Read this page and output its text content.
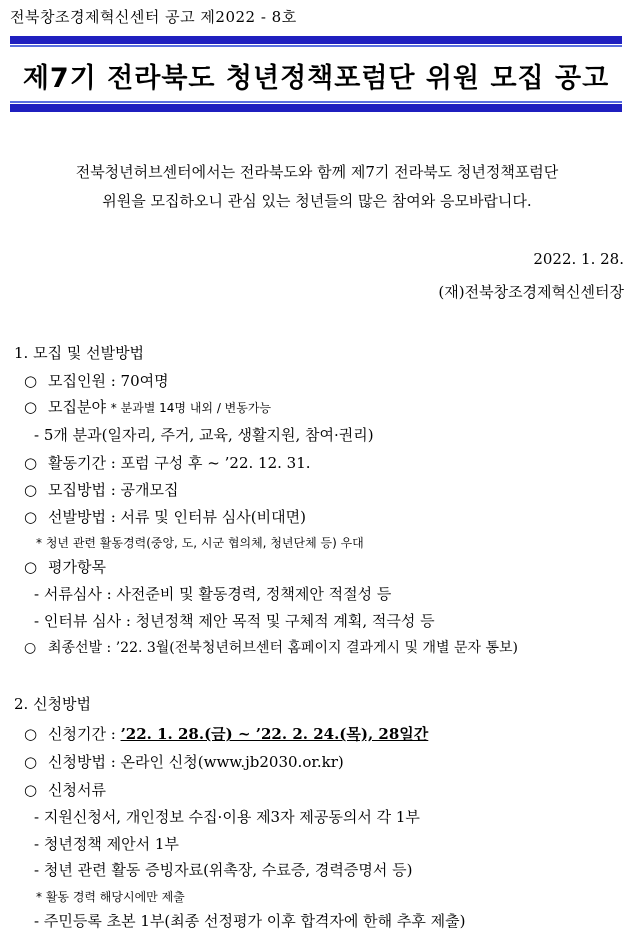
전북창조경제혁신센터 공고 제2022 - 8호
제7기 전라북도 청년정책포럼단 위원 모집 공고
전북청년허브센터에서는 전라북도와 함께 제7기 전라북도 청년정책포럼단
위원을 모집하오니 관심 있는 청년들의 많은 참여와 응모바랍니다.
2022. 1. 28.
(재)전북창조경제혁신센터장
1. 모집 및 선발방법
○ 모집인원 : 70여명
○ 모집분야 * 분과별 14명 내외 / 변동가능
- 5개 분과(일자리, 주거, 교육, 생활지원, 참여·권리)
○ 활동기간 : 포럼 구성 후 ~ ’22. 12. 31.
○ 모집방법 : 공개모집
○ 선발방법 : 서류 및 인터뷰 심사(비대면)
* 청년 관련 활동경력(중앙, 도, 시군 협의체, 청년단체 등) 우대
○ 평가항목
- 서류심사 : 사전준비 및 활동경력, 정책제안 적절성 등
- 인터뷰 심사 : 청년정책 제안 목적 및 구체적 계획, 적극성 등
○ 최종선발 : ’22. 3월(전북청년허브센터 홈페이지 결과게시 및 개별 문자 통보)
2. 신청방법
○ 신청기간 : ’22. 1. 28.(금) ~ ’22. 2. 24.(목), 28일간
○ 신청방법 : 온라인 신청(www.jb2030.or.kr)
○ 신청서류
- 지원신청서, 개인정보 수집·이용 제3자 제공동의서 각 1부
- 청년정책 제안서 1부
- 청년 관련 활동 증빙자료(위촉장, 수료증, 경력증명서 등)
* 활동 경력 해당시에만 제출
- 주민등록 초본 1부(최종 선정평가 이후 합격자에 한해 추후 제출)
